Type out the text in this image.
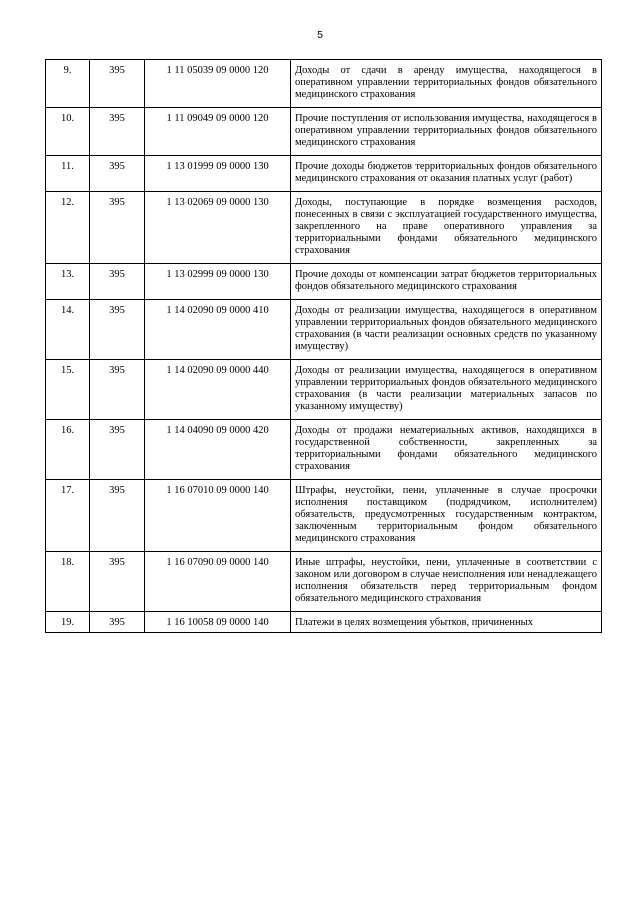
5
9.	395	1 11 05039 09 0000 120	Доходы от сдачи в аренду имущества, находящегося в оперативном управлении территориальных фондов обязательного медицинского страхования
10.	395	1 11 09049 09 0000 120	Прочие поступления от использования имущества, находящегося в оперативном управлении территориальных фондов обязательного медицинского страхования
11.	395	1 13 01999 09 0000 130	Прочие доходы бюджетов территориальных фондов обязательного медицинского страхования от оказания платных услуг (работ)
12.	395	1 13 02069 09 0000 130	Доходы, поступающие в порядке возмещения расходов, понесенных в связи с эксплуатацией государственного имущества, закрепленного на праве оперативного управления за территориальными фондами обязательного медицинского страхования
13.	395	1 13 02999 09 0000 130	Прочие доходы от компенсации затрат бюджетов территориальных фондов обязательного медицинского страхования
14.	395	1 14 02090 09 0000 410	Доходы от реализации имущества, находящегося в оперативном управлении территориальных фондов обязательного медицинского страхования (в части реализации основных средств по указанному имуществу)
15.	395	1 14 02090 09 0000 440	Доходы от реализации имущества, находящегося в оперативном управлении территориальных фондов обязательного медицинского страхования (в части реализации материальных запасов по указанному имуществу)
16.	395	1 14 04090 09 0000 420	Доходы от продажи нематериальных активов, находящихся в государственной собственности, закрепленных за территориальными фондами обязательного медицинского страхования
17.	395	1 16 07010 09 0000 140	Штрафы, неустойки, пени, уплаченные в случае просрочки исполнения поставщиком (подрядчиком, исполнителем) обязательств, предусмотренных государственным контрактом, заключенным территориальным фондом обязательного медицинского страхования
18.	395	1 16 07090 09 0000 140	Иные штрафы, неустойки, пени, уплаченные в соответствии с законом или договором в случае неисполнения или ненадлежащего исполнения обязательств перед территориальным фондом обязательного медицинского страхования
19.	395	1 16 10058 09 0000 140	Платежи в целях возмещения убытков, причиненных
